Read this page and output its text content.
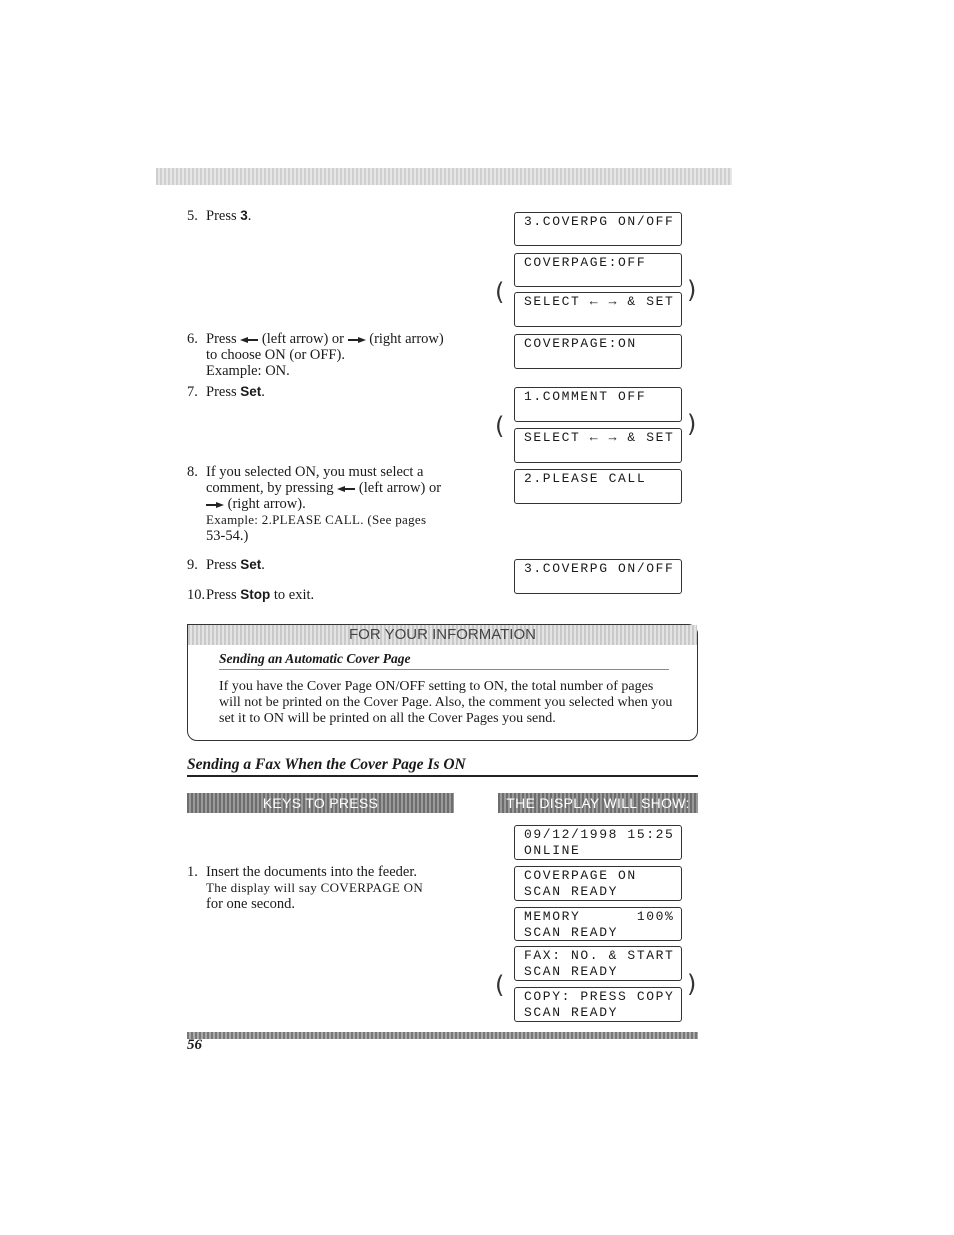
5. Press 3.
6. Press  (left arrow) or  (right arrow)
to choose ON (or OFF).
Example: ON.
7. Press Set.
8. If you selected ON, you must select a
comment, by pressing  (left arrow) or
(right arrow).
Example: 2.PLEASE CALL. (See pages
53-54.)
9. Press Set.
10.Press Stop to exit.
3.COVERPG ON/OFF
COVERPAGE:OFF
(	SELECT ← → & SET )
COVERPAGE:ON
1.COMMENT OFF
(	SELECT ← → & SET )
2.PLEASE CALL
3.COVERPG ON/OFF
FOR YOUR INFORMATION
Sending an Automatic Cover Page
If you have the Cover Page ON/OFF setting to ON, the total number of pages will not be printed on the Cover Page. Also, the comment you selected when you set it to ON will be printed on all the Cover Pages you send.
Sending a Fax When the Cover Page Is ON
KEYS TO PRESS	THE DISPLAY WILL SHOW:
1. Insert the documents into the feeder.
The display will say COVERPAGE ON
for one second.
09/12/1998 15:25
ONLINE
COVERPAGE ON
SCAN READY
MEMORY      100%
SCAN READY
(
FAX: NO. & START
SCAN READY	)
COPY: PRESS COPY
SCAN READY
56
